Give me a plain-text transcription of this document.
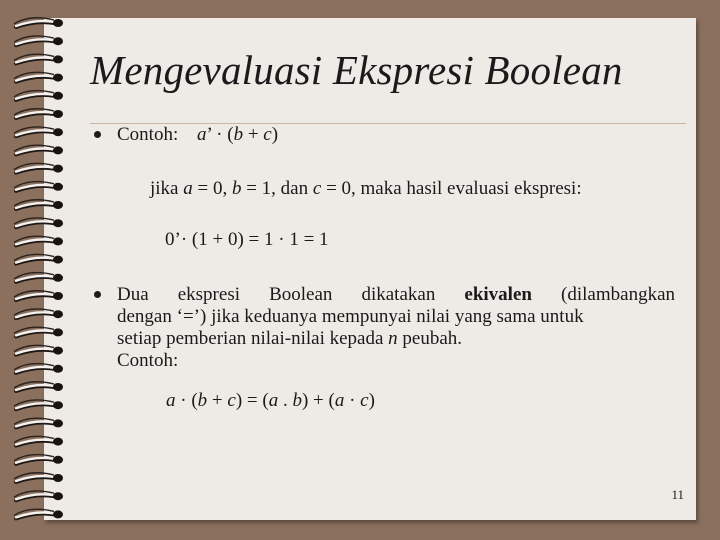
Mengevaluasi Ekspresi Boolean
Contoh: a’ · (b + c)
jika a = 0, b = 1, dan c = 0, maka hasil evaluasi ekspresi:
0’· (1 + 0) = 1 · 1 = 1
Dua ekspresi Boolean dikatakan ekivalen (dilambangkan
dengan ‘=’) jika keduanya mempunyai nilai yang sama untuk
setiap pemberian nilai-nilai kepada n peubah.
Contoh:
a · (b + c) = (a . b) + (a · c)
11
